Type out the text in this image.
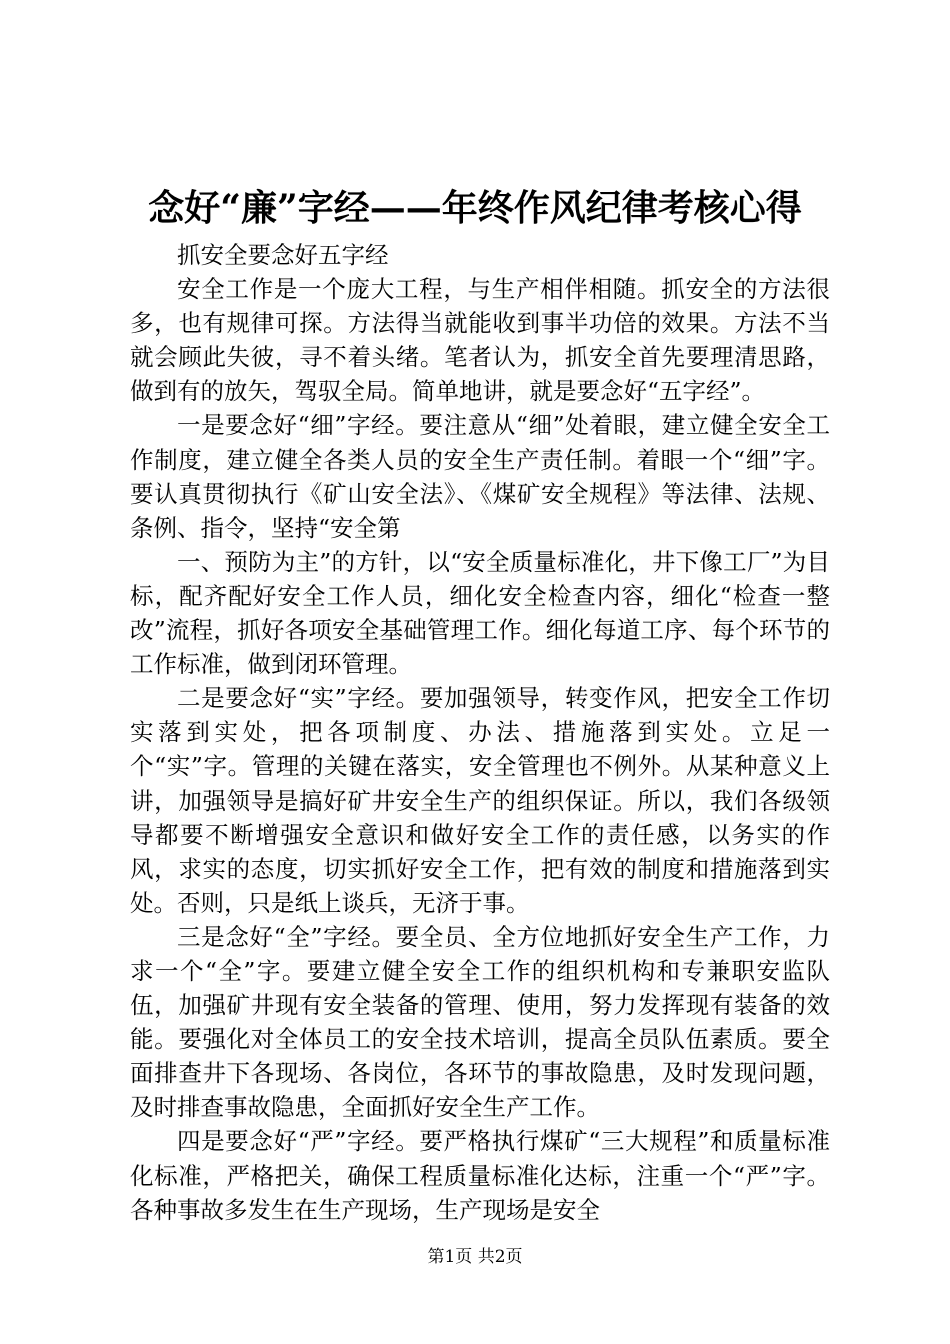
念好“廉”字经——年终作风纪律考核心得

抓安全要念好五字经

安全工作是一个庞大工程，与生产相伴相随。抓安全的方法很多，也有规律可探。方法得当就能收到事半功倍的效果。方法不当就会顾此失彼，寻不着头绪。笔者认为，抓安全首先要理清思路，做到有的放矢，驾驭全局。简单地讲，就是要念好“五字经”。

一是要念好“细”字经。要注意从“细”处着眼，建立健全安全工作制度，建立健全各类人员的安全生产责任制。着眼一个“细”字。要认真贯彻执行《矿山安全法》、《煤矿安全规程》等法律、法规、条例、指令，坚持“安全第

一、预防为主”的方针，以“安全质量标准化，井下像工厂”为目标，配齐配好安全工作人员，细化安全检查内容，细化“检查一整改”流程，抓好各项安全基础管理工作。细化每道工序、每个环节的工作标准，做到闭环管理。

二是要念好“实”字经。要加强领导，转变作风，把安全工作切实落到实处，把各项制度、办法、措施落到实处。立足一个“实”字。管理的关键在落实，安全管理也不例外。从某种意义上讲，加强领导是搞好矿井安全生产的组织保证。所以，我们各级领导都要不断增强安全意识和做好安全工作的责任感，以务实的作风，求实的态度，切实抓好安全工作，把有效的制度和措施落到实处。否则，只是纸上谈兵，无济于事。

三是念好“全”字经。要全员、全方位地抓好安全生产工作，力求一个“全”字。要建立健全安全工作的组织机构和专兼职安监队伍，加强矿井现有安全装备的管理、使用，努力发挥现有装备的效能。要强化对全体员工的安全技术培训，提高全员队伍素质。要全面排查井下各现场、各岗位，各环节的事故隐患，及时发现问题，及时排查事故隐患，全面抓好安全生产工作。

四是要念好“严”字经。要严格执行煤矿“三大规程”和质量标准化标准，严格把关，确保工程质量标准化达标，注重一个“严”字。各种事故多发生在生产现场，生产现场是安全

第1页 共2页
